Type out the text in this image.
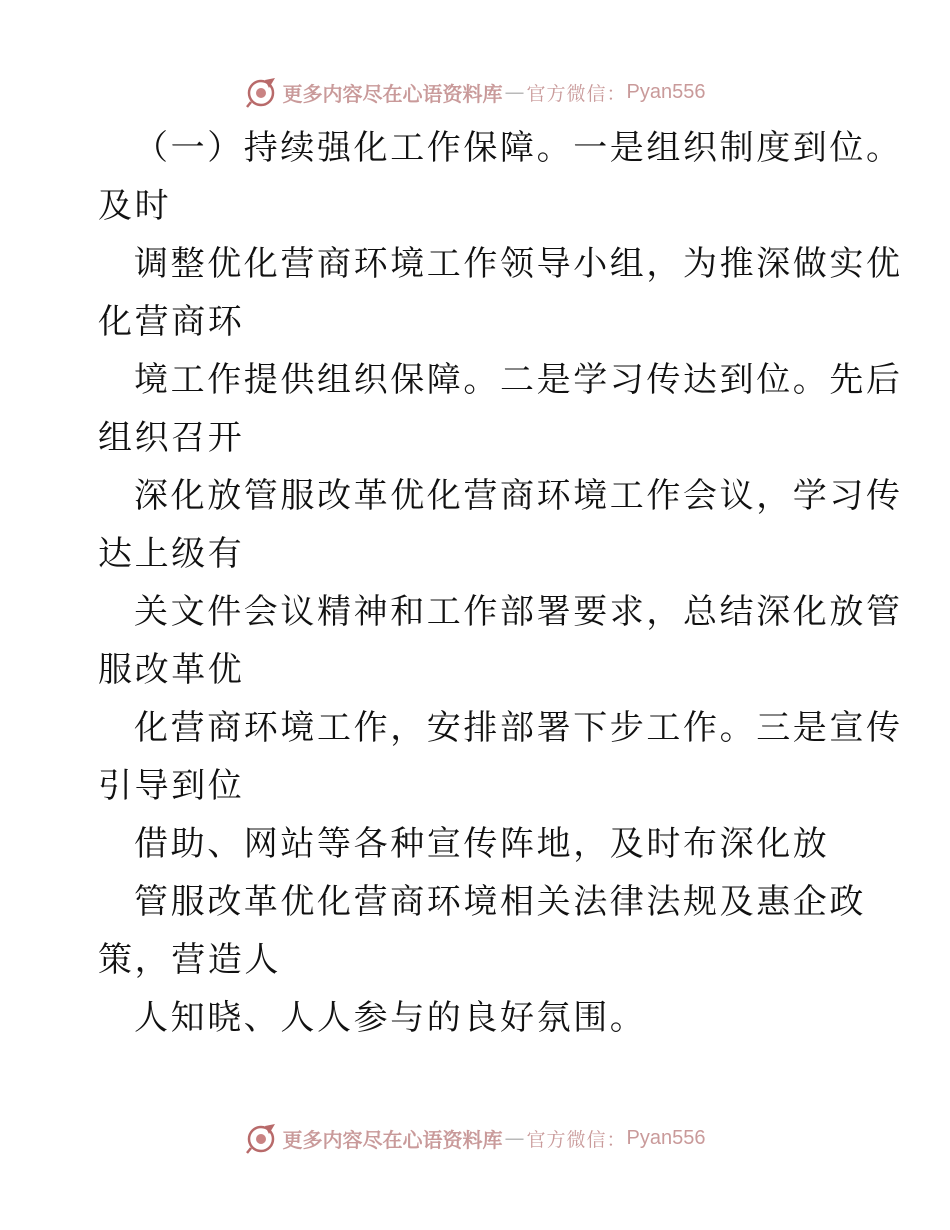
更多内容尽在心语资料库 — 官方微信： Pyan556
（一）持续强化工作保障。一是组织制度到位。
及时
调整优化营商环境工作领导小组，为推深做实优
化营商环
境工作提供组织保障。二是学习传达到位。先后
组织召开
深化放管服改革优化营商环境工作会议，学习传
达上级有
关文件会议精神和工作部署要求，总结深化放管
服改革优
化营商环境工作，安排部署下步工作。三是宣传
引导到位
借助、网站等各种宣传阵地，及时布深化放
管服改革优化营商环境相关法律法规及惠企政
策，营造人
人知晓、人人参与的良好氛围。
更多内容尽在心语资料库 — 官方微信： Pyan556
